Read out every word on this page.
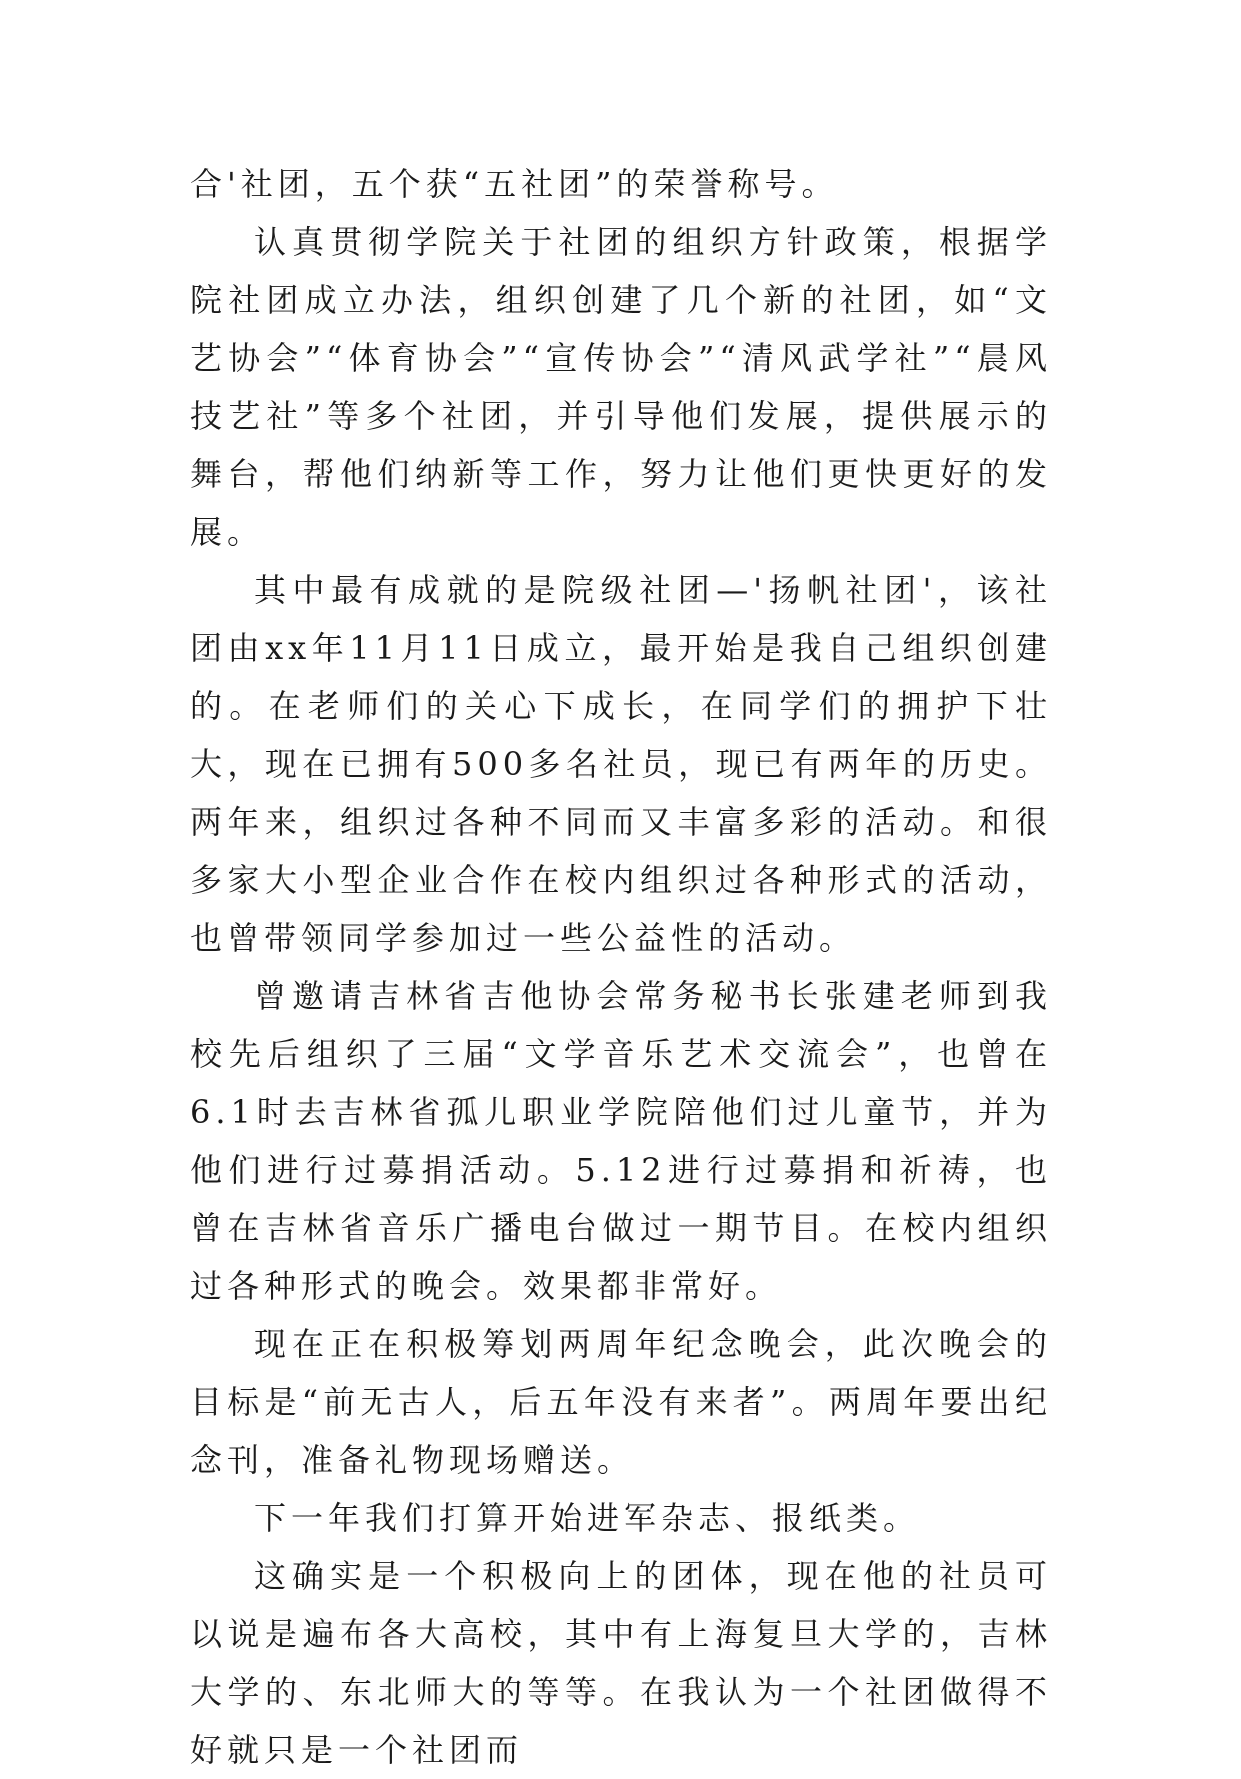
合'社团，五个获“五社团”的荣誉称号。

认真贯彻学院关于社团的组织方针政策，根据学院社团成立办法，组织创建了几个新的社团，如“文艺协会”“体育协会”“宣传协会”“清风武学社”“晨风技艺社”等多个社团，并引导他们发展，提供展示的舞台，帮他们纳新等工作，努力让他们更快更好的发展。

其中最有成就的是院级社团—'扬帆社团'，该社团由xx年11月11日成立，最开始是我自己组织创建的。在老师们的关心下成长，在同学们的拥护下壮大，现在已拥有500多名社员，现已有两年的历史。两年来，组织过各种不同而又丰富多彩的活动。和很多家大小型企业合作在校内组织过各种形式的活动，也曾带领同学参加过一些公益性的活动。

曾邀请吉林省吉他协会常务秘书长张建老师到我校先后组织了三届“文学音乐艺术交流会”，也曾在6.1时去吉林省孤儿职业学院陪他们过儿童节，并为他们进行过募捐活动。5.12进行过募捐和祈祷，也曾在吉林省音乐广播电台做过一期节目。在校内组织过各种形式的晚会。效果都非常好。

现在正在积极筹划两周年纪念晚会，此次晚会的目标是“前无古人，后五年没有来者”。两周年要出纪念刊，准备礼物现场赠送。

下一年我们打算开始进军杂志、报纸类。

这确实是一个积极向上的团体，现在他的社员可以说是遍布各大高校，其中有上海复旦大学的，吉林大学的、东北师大的等等。在我认为一个社团做得不好就只是一个社团而
